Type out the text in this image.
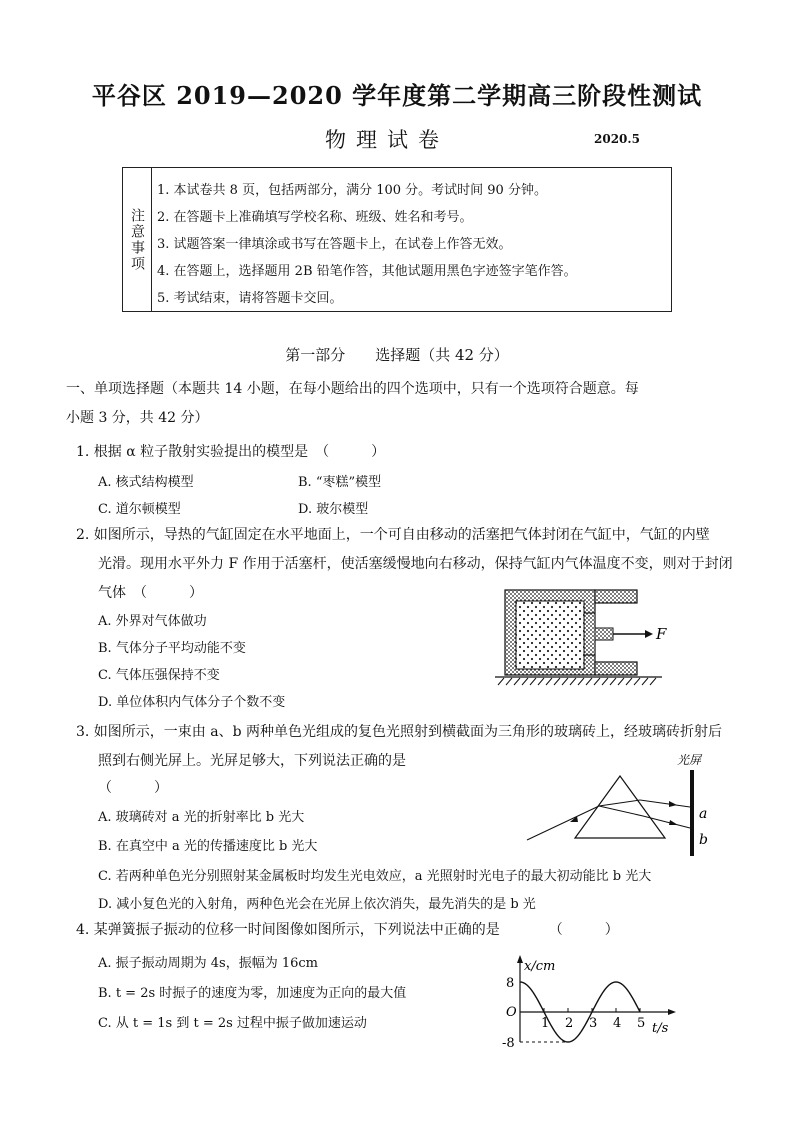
平谷区 2019—2020 学年度第二学期高三阶段性测试
物理试卷	2020.5
注意事项
1. 本试卷共 8 页，包括两部分，满分 100 分。考试时间 90 分钟。
2. 在答题卡上准确填写学校名称、班级、姓名和考号。
3. 试题答案一律填涂或书写在答题卡上，在试卷上作答无效。
4. 在答题上，选择题用 2B 铅笔作答，其他试题用黑色字迹签字笔作答。
5. 考试结束，请将答题卡交回。
第一部分　　选择题（共 42 分）
一、单项选择题（本题共 14 小题，在每小题给出的四个选项中，只有一个选项符合题意。每
小题 3 分，共 42 分）
1. 根据 α 粒子散射实验提出的模型是　（　　　）
A. 核式结构模型	B. “枣糕”模型
C. 道尔顿模型	D. 玻尔模型
2. 如图所示，导热的气缸固定在水平地面上，一个可自由移动的活塞把气体封闭在气缸中，气缸的内壁
光滑。现用水平外力 F 作用于活塞杆，使活塞缓慢地向右移动，保持气缸内气体温度不变，则对于封闭
气体　（　　　）
A. 外界对气体做功
B. 气体分子平均动能不变
C. 气体压强保持不变
D. 单位体积内气体分子个数不变
F
3. 如图所示，一束由 a、b 两种单色光组成的复色光照射到横截面为三角形的玻璃砖上，经玻璃砖折射后
照到右侧光屏上。光屏足够大，下列说法正确的是
（　　　）
A. 玻璃砖对 a 光的折射率比 b 光大
B. 在真空中 a 光的传播速度比 b 光大
C. 若两种单色光分别照射某金属板时均发生光电效应，a 光照射时光电子的最大初动能比 b 光大
D. 减小复色光的入射角，两种色光会在光屏上依次消失，最先消失的是 b 光
光屏
a
b
4. 某弹簧振子振动的位移一时间图像如图所示，下列说法中正确的是　　　　（　　　）
A. 振子振动周期为 4s，振幅为 16cm
B. t = 2s 时振子的速度为零，加速度为正向的最大值
C. 从 t = 1s 到 t = 2s 过程中振子做加速运动
x/cm
t/s
O
1 2 3 4 5
8
-8
